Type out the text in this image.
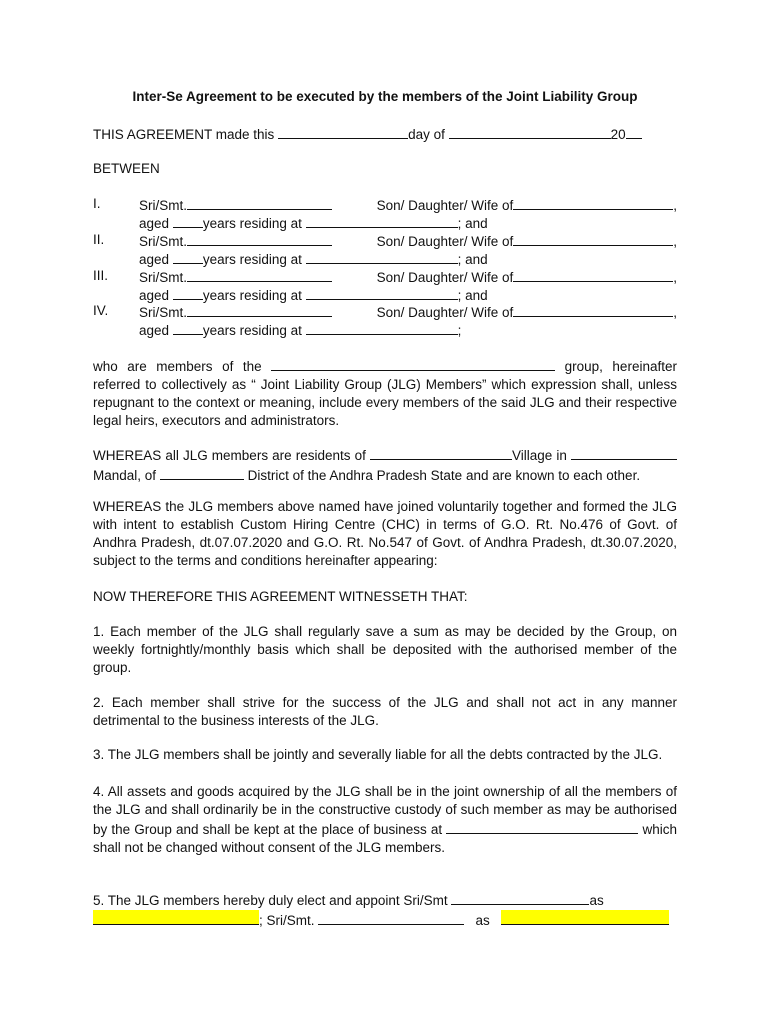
Inter-Se Agreement to be executed by the members of the Joint Liability Group
THIS AGREEMENT made this	day of	20
BETWEEN
I.	Sri/Smt.	Son/ Daughter/ Wife of	,
aged	years residing at	; and
II.	Sri/Smt.	Son/ Daughter/ Wife of	,
aged	years residing at	; and
III. Sri/Smt.	Son/ Daughter/ Wife of	,
aged	years residing at	; and
IV. Sri/Smt.	Son/ Daughter/ Wife of	,
aged	years residing at	;
who are members of the	group, hereinafter referred to collectively as “ Joint Liability Group (JLG) Members” which expression shall, unless repugnant to the context or meaning, include every members of the said JLG and their respective legal heirs, executors and administrators.
WHEREAS all JLG members are residents of	Village in  Mandal, of	District of the Andhra Pradesh State and are known to each other.
WHEREAS the JLG members above named have joined voluntarily together and formed the JLG with intent to establish Custom Hiring Centre (CHC) in terms of G.O. Rt. No.476 of Govt. of Andhra Pradesh, dt.07.07.2020 and G.O. Rt. No.547 of Govt. of Andhra Pradesh, dt.30.07.2020, subject to the terms and conditions hereinafter appearing:
NOW THEREFORE THIS AGREEMENT WITNESSETH THAT:
1. Each member of the JLG shall regularly save a sum as may be decided by the Group, on weekly fortnightly/monthly basis which shall be deposited with the authorised member of the group.
2. Each member shall strive for the success of the JLG and shall not act in any manner detrimental to the business interests of the JLG.
3. The JLG members shall be jointly and severally liable for all the debts contracted by the JLG.
4. All assets and goods acquired by the JLG shall be in the joint ownership of all the members of the JLG and shall ordinarily be in the constructive custody of such member as may be authorised by the Group and shall be kept at the place of business at	which shall not be changed without consent of the JLG members.
5. The JLG members hereby duly elect and appoint Sri/Smt	as
; Sri/Smt.	as
